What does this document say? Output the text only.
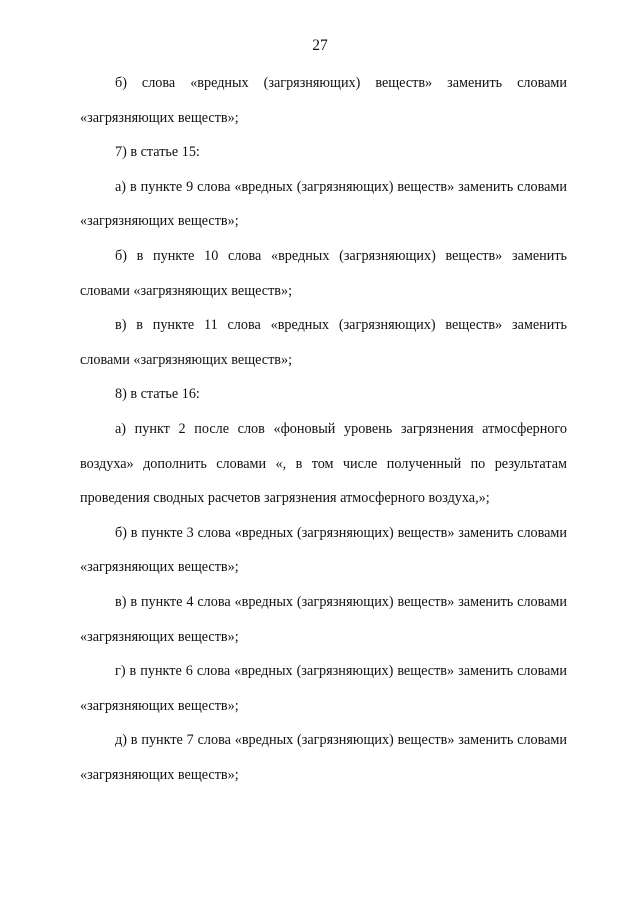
27

б) слова «вредных (загрязняющих) веществ» заменить словами «загрязняющих веществ»;

7) в статье 15:

а) в пункте 9 слова «вредных (загрязняющих) веществ» заменить словами «загрязняющих веществ»;

б) в пункте 10 слова «вредных (загрязняющих) веществ» заменить словами «загрязняющих веществ»;

в) в пункте 11 слова «вредных (загрязняющих) веществ» заменить словами «загрязняющих веществ»;

8) в статье 16:

а) пункт 2 после слов «фоновый уровень загрязнения атмосферного воздуха» дополнить словами «, в том числе полученный по результатам проведения сводных расчетов загрязнения атмосферного воздуха,»;

б) в пункте 3 слова «вредных (загрязняющих) веществ» заменить словами «загрязняющих веществ»;

в) в пункте 4 слова «вредных (загрязняющих) веществ» заменить словами «загрязняющих веществ»;

г) в пункте 6 слова «вредных (загрязняющих) веществ» заменить словами «загрязняющих веществ»;

д) в пункте 7 слова «вредных (загрязняющих) веществ» заменить словами «загрязняющих веществ»;
